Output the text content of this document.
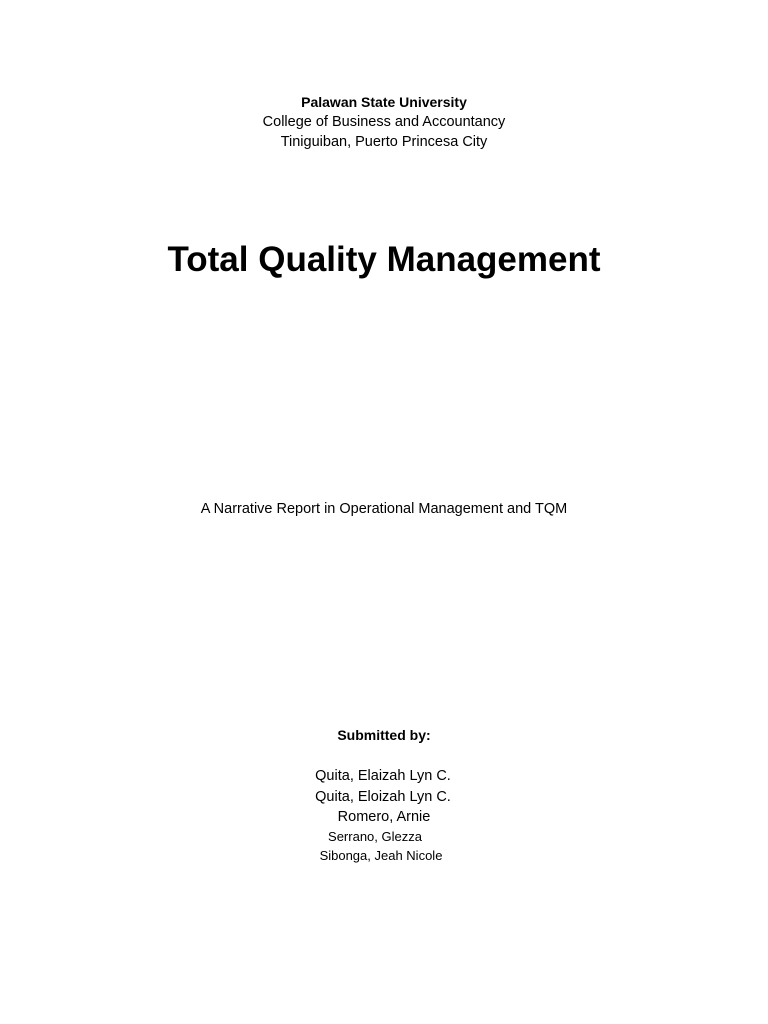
Palawan State University
College of Business and Accountancy
Tiniguiban, Puerto Princesa City
Total Quality Management
A Narrative Report in Operational Management and TQM
Submitted by:
Quita, Elaizah Lyn C.
Quita, Eloizah Lyn C.
Romero, Arnie
Serrano, Glezza
Sibonga, Jeah Nicole
